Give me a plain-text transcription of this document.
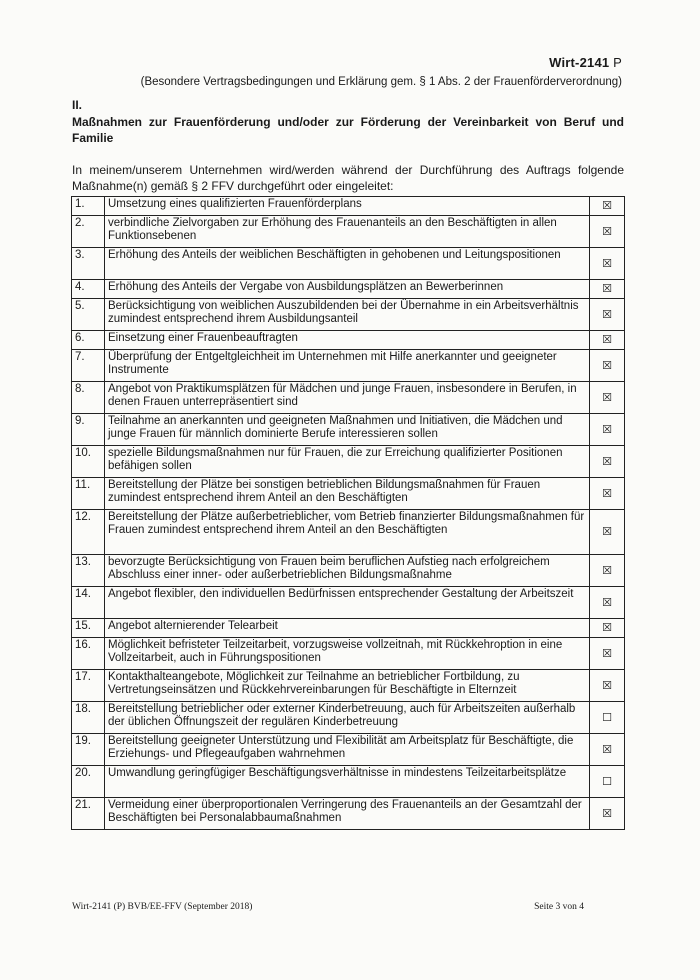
Wirt-2141 P
(Besondere Vertragsbedingungen und Erklärung gem. § 1 Abs. 2 der Frauenförderverordnung)

II.

Maßnahmen zur Frauenförderung und/oder zur Förderung der Vereinbarkeit von Beruf und Familie

In meinem/unserem Unternehmen wird/werden während der Durchführung des Auftrags folgende Maßnahme(n) gemäß § 2 FFV durchgeführt oder eingeleitet:

1.	Umsetzung eines qualifizierten Frauenförderplans	☒
2.	verbindliche Zielvorgaben zur Erhöhung des Frauenanteils an den Beschäftigten in allen Funktionsebenen	☒
3.	Erhöhung des Anteils der weiblichen Beschäftigten in gehobenen und Leitungspositionen	☒
4.	Erhöhung des Anteils der Vergabe von Ausbildungsplätzen an Bewerberinnen	☒
5.	Berücksichtigung von weiblichen Auszubildenden bei der Übernahme in ein Arbeitsverhältnis zumindest entsprechend ihrem Ausbildungsanteil	☒
6.	Einsetzung einer Frauenbeauftragten	☒
7.	Überprüfung der Entgeltgleichheit im Unternehmen mit Hilfe anerkannter und geeigneter Instrumente	☒
8.	Angebot von Praktikumsplätzen für Mädchen und junge Frauen, insbesondere in Berufen, in denen Frauen unterrepräsentiert sind	☒
9.	Teilnahme an anerkannten und geeigneten Maßnahmen und Initiativen, die Mädchen und junge Frauen für männlich dominierte Berufe interessieren sollen	☒
10.	spezielle Bildungsmaßnahmen nur für Frauen, die zur Erreichung qualifizierter Positionen befähigen sollen	☒
11.	Bereitstellung der Plätze bei sonstigen betrieblichen Bildungsmaßnahmen für Frauen zumindest entsprechend ihrem Anteil an den Beschäftigten	☒
12.	Bereitstellung der Plätze außerbetrieblicher, vom Betrieb finanzierter Bildungsmaßnahmen für Frauen zumindest entsprechend ihrem Anteil an den Beschäftigten	☒
13.	bevorzugte Berücksichtigung von Frauen beim beruflichen Aufstieg nach erfolgreichem Abschluss einer inner- oder außerbetrieblichen Bildungsmaßnahme	☒
14.	Angebot flexibler, den individuellen Bedürfnissen entsprechender Gestaltung der Arbeitszeit	☒
15.	Angebot alternierender Telearbeit	☒
16.	Möglichkeit befristeter Teilzeitarbeit, vorzugsweise vollzeitnah, mit Rückkehroption in eine Vollzeitarbeit, auch in Führungspositionen	☒
17.	Kontakthalteangebote, Möglichkeit zur Teilnahme an betrieblicher Fortbildung, zu Vertretungseinsätzen und Rückkehrvereinbarungen für Beschäftigte in Elternzeit	☒
18.	Bereitstellung betrieblicher oder externer Kinderbetreuung, auch für Arbeitszeiten außerhalb der üblichen Öffnungszeit der regulären Kinderbetreuung	☐
19.	Bereitstellung geeigneter Unterstützung und Flexibilität am Arbeitsplatz für Beschäftigte, die Erziehungs- und Pflegeaufgaben wahrnehmen	☒
20.	Umwandlung geringfügiger Beschäftigungsverhältnisse in mindestens Teilzeitarbeitsplätze	☐
21.	Vermeidung einer überproportionalen Verringerung des Frauenanteils an der Gesamtzahl der Beschäftigten bei Personalabbaumaßnahmen	☒
Wirt-2141 (P) BVB/EE-FFV (September 2018)	Seite 3 von 4
